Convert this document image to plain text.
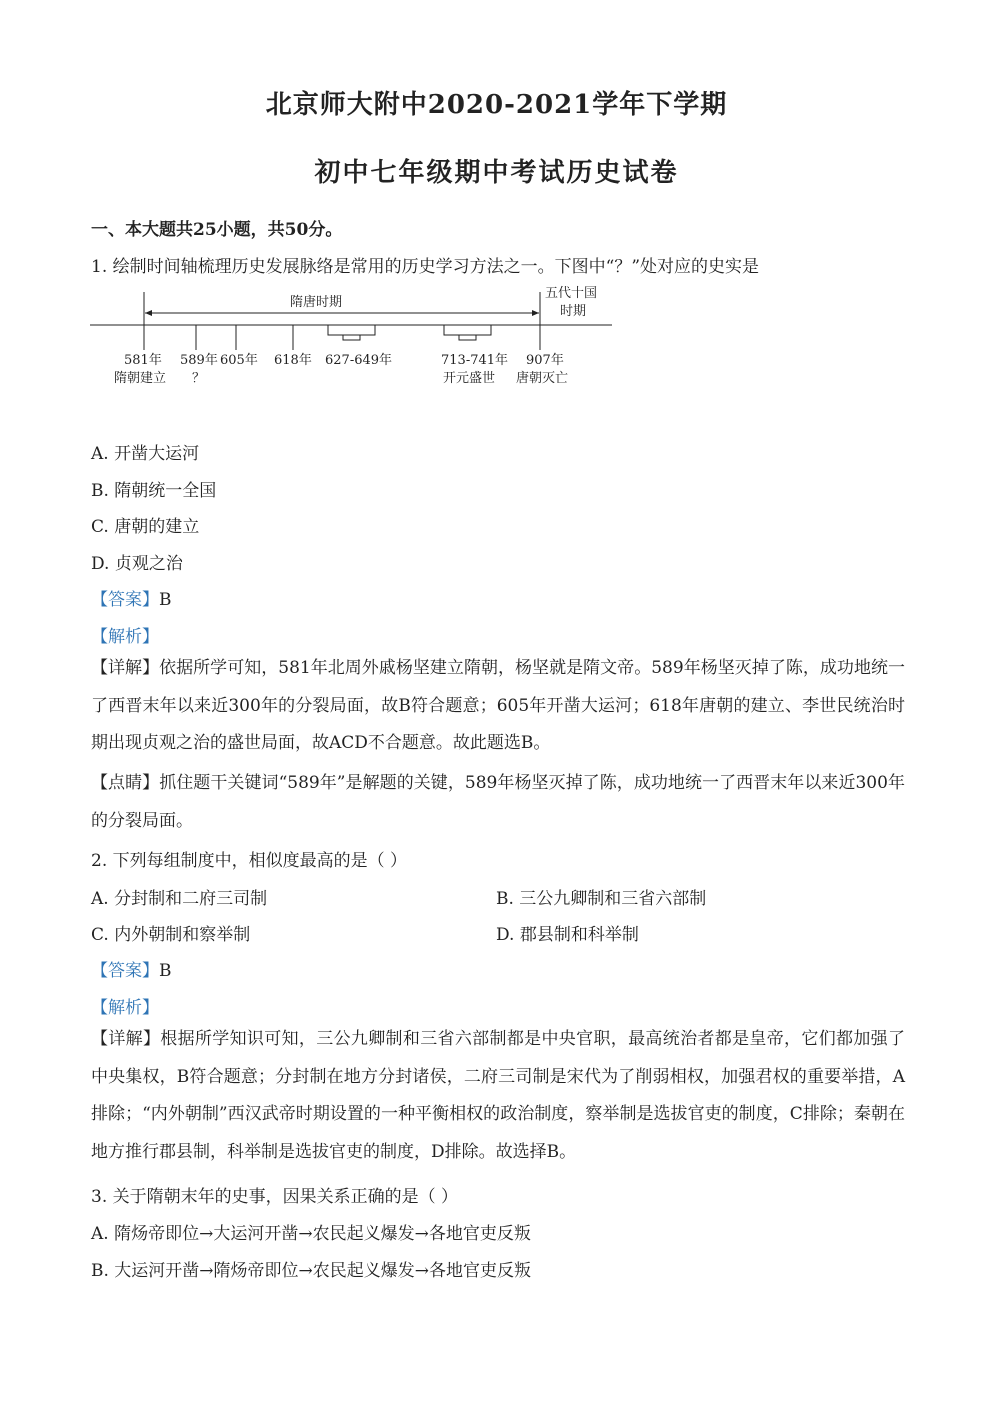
北京师大附中2020-2021学年下学期
初中七年级期中考试历史试卷
一、本大题共25小题，共50分。
1. 绘制时间轴梳理历史发展脉络是常用的历史学习方法之一。下图中“？”处对应的史实是
隋唐时期
五代十国
时期
581年 589年 605年 618年 627-649年	713-741年 907年
隋朝建立 ？	开元盛世 唐朝灭亡
A. 开凿大运河
B. 隋朝统一全国
C. 唐朝的建立
D. 贞观之治
【答案】B
【解析】
【详解】依据所学可知，581年北周外戚杨坚建立隋朝，杨坚就是隋文帝。589年杨坚灭掉了陈，成功地统一了西晋末年以来近300年的分裂局面，故B符合题意；605年开凿大运河；618年唐朝的建立、李世民统治时期出现贞观之治的盛世局面，故ACD不合题意。故此题选B。
【点睛】抓住题干关键词“589年”是解题的关键，589年杨坚灭掉了陈，成功地统一了西晋末年以来近300年的分裂局面。
2. 下列每组制度中，相似度最高的是（ ）
A. 分封制和二府三司制	B. 三公九卿制和三省六部制
C. 内外朝制和察举制	D. 郡县制和科举制
【答案】B
【解析】
【详解】根据所学知识可知，三公九卿制和三省六部制都是中央官职，最高统治者都是皇帝，它们都加强了中央集权，B符合题意；分封制在地方分封诸侯，二府三司制是宋代为了削弱相权，加强君权的重要举措，A排除；“内外朝制”西汉武帝时期设置的一种平衡相权的政治制度，察举制是选拔官吏的制度，C排除；秦朝在地方推行郡县制，科举制是选拔官吏的制度，D排除。故选择B。
3. 关于隋朝末年的史事，因果关系正确的是（ ）
A. 隋炀帝即位→大运河开凿→农民起义爆发→各地官吏反叛
B. 大运河开凿→隋炀帝即位→农民起义爆发→各地官吏反叛
